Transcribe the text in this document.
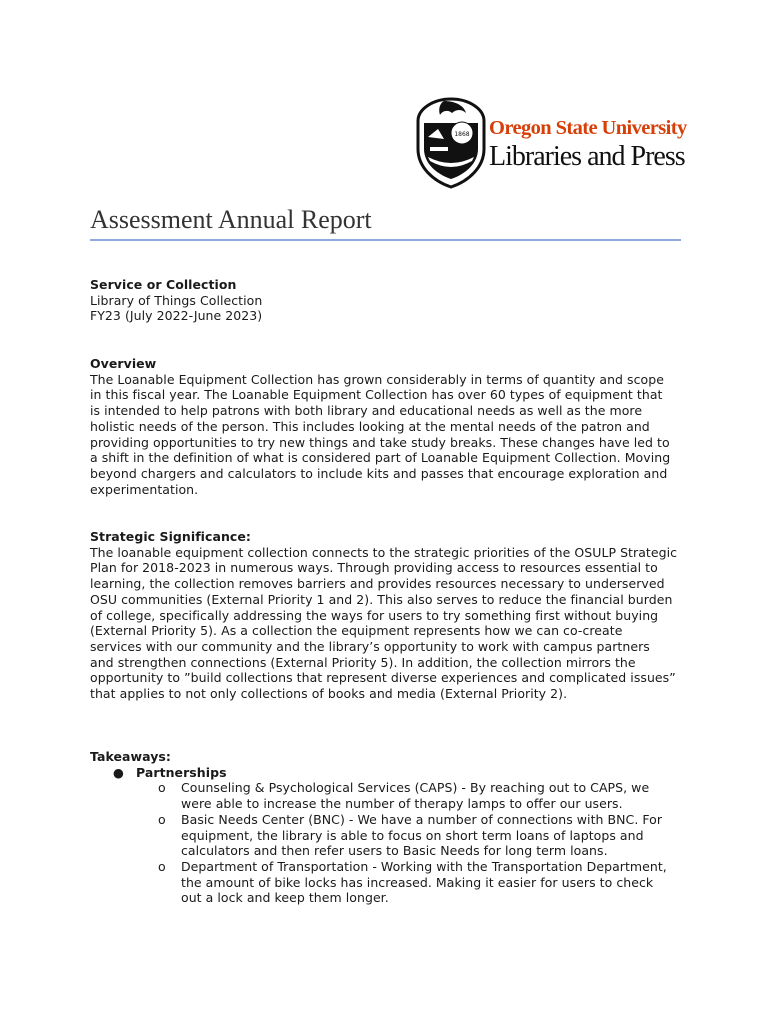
1868 Oregon State University
Libraries and Press
Assessment Annual Report

Service or Collection

Library of Things Collection

FY23 (July 2022-June 2023)

Overview

The Loanable Equipment Collection has grown considerably in terms of quantity and scope

in this fiscal year. The Loanable Equipment Collection has over 60 types of equipment that

is intended to help patrons with both library and educational needs as well as the more

holistic needs of the person. This includes looking at the mental needs of the patron and

providing opportunities to try new things and take study breaks. These changes have led to

a shift in the definition of what is considered part of Loanable Equipment Collection. Moving

beyond chargers and calculators to include kits and passes that encourage exploration and

experimentation.

Strategic Significance:

The loanable equipment collection connects to the strategic priorities of the OSULP Strategic

Plan for 2018-2023 in numerous ways. Through providing access to resources essential to

learning, the collection removes barriers and provides resources necessary to underserved

OSU communities (External Priority 1 and 2). This also serves to reduce the financial burden

of college, specifically addressing the ways for users to try something first without buying

(External Priority 5). As a collection the equipment represents how we can co-create

services with our community and the library’s opportunity to work with campus partners

and strengthen connections (External Priority 5). In addition, the collection mirrors the

opportunity to ”build collections that represent diverse experiences and complicated issues”

that applies to not only collections of books and media (External Priority 2).

Takeaways:

● Partnerships

o Counseling & Psychological Services (CAPS) - By reaching out to CAPS, we

were able to increase the number of therapy lamps to offer our users.

o Basic Needs Center (BNC) - We have a number of connections with BNC. For

equipment, the library is able to focus on short term loans of laptops and

calculators and then refer users to Basic Needs for long term loans.

o Department of Transportation - Working with the Transportation Department,

the amount of bike locks has increased. Making it easier for users to check

out a lock and keep them longer.
